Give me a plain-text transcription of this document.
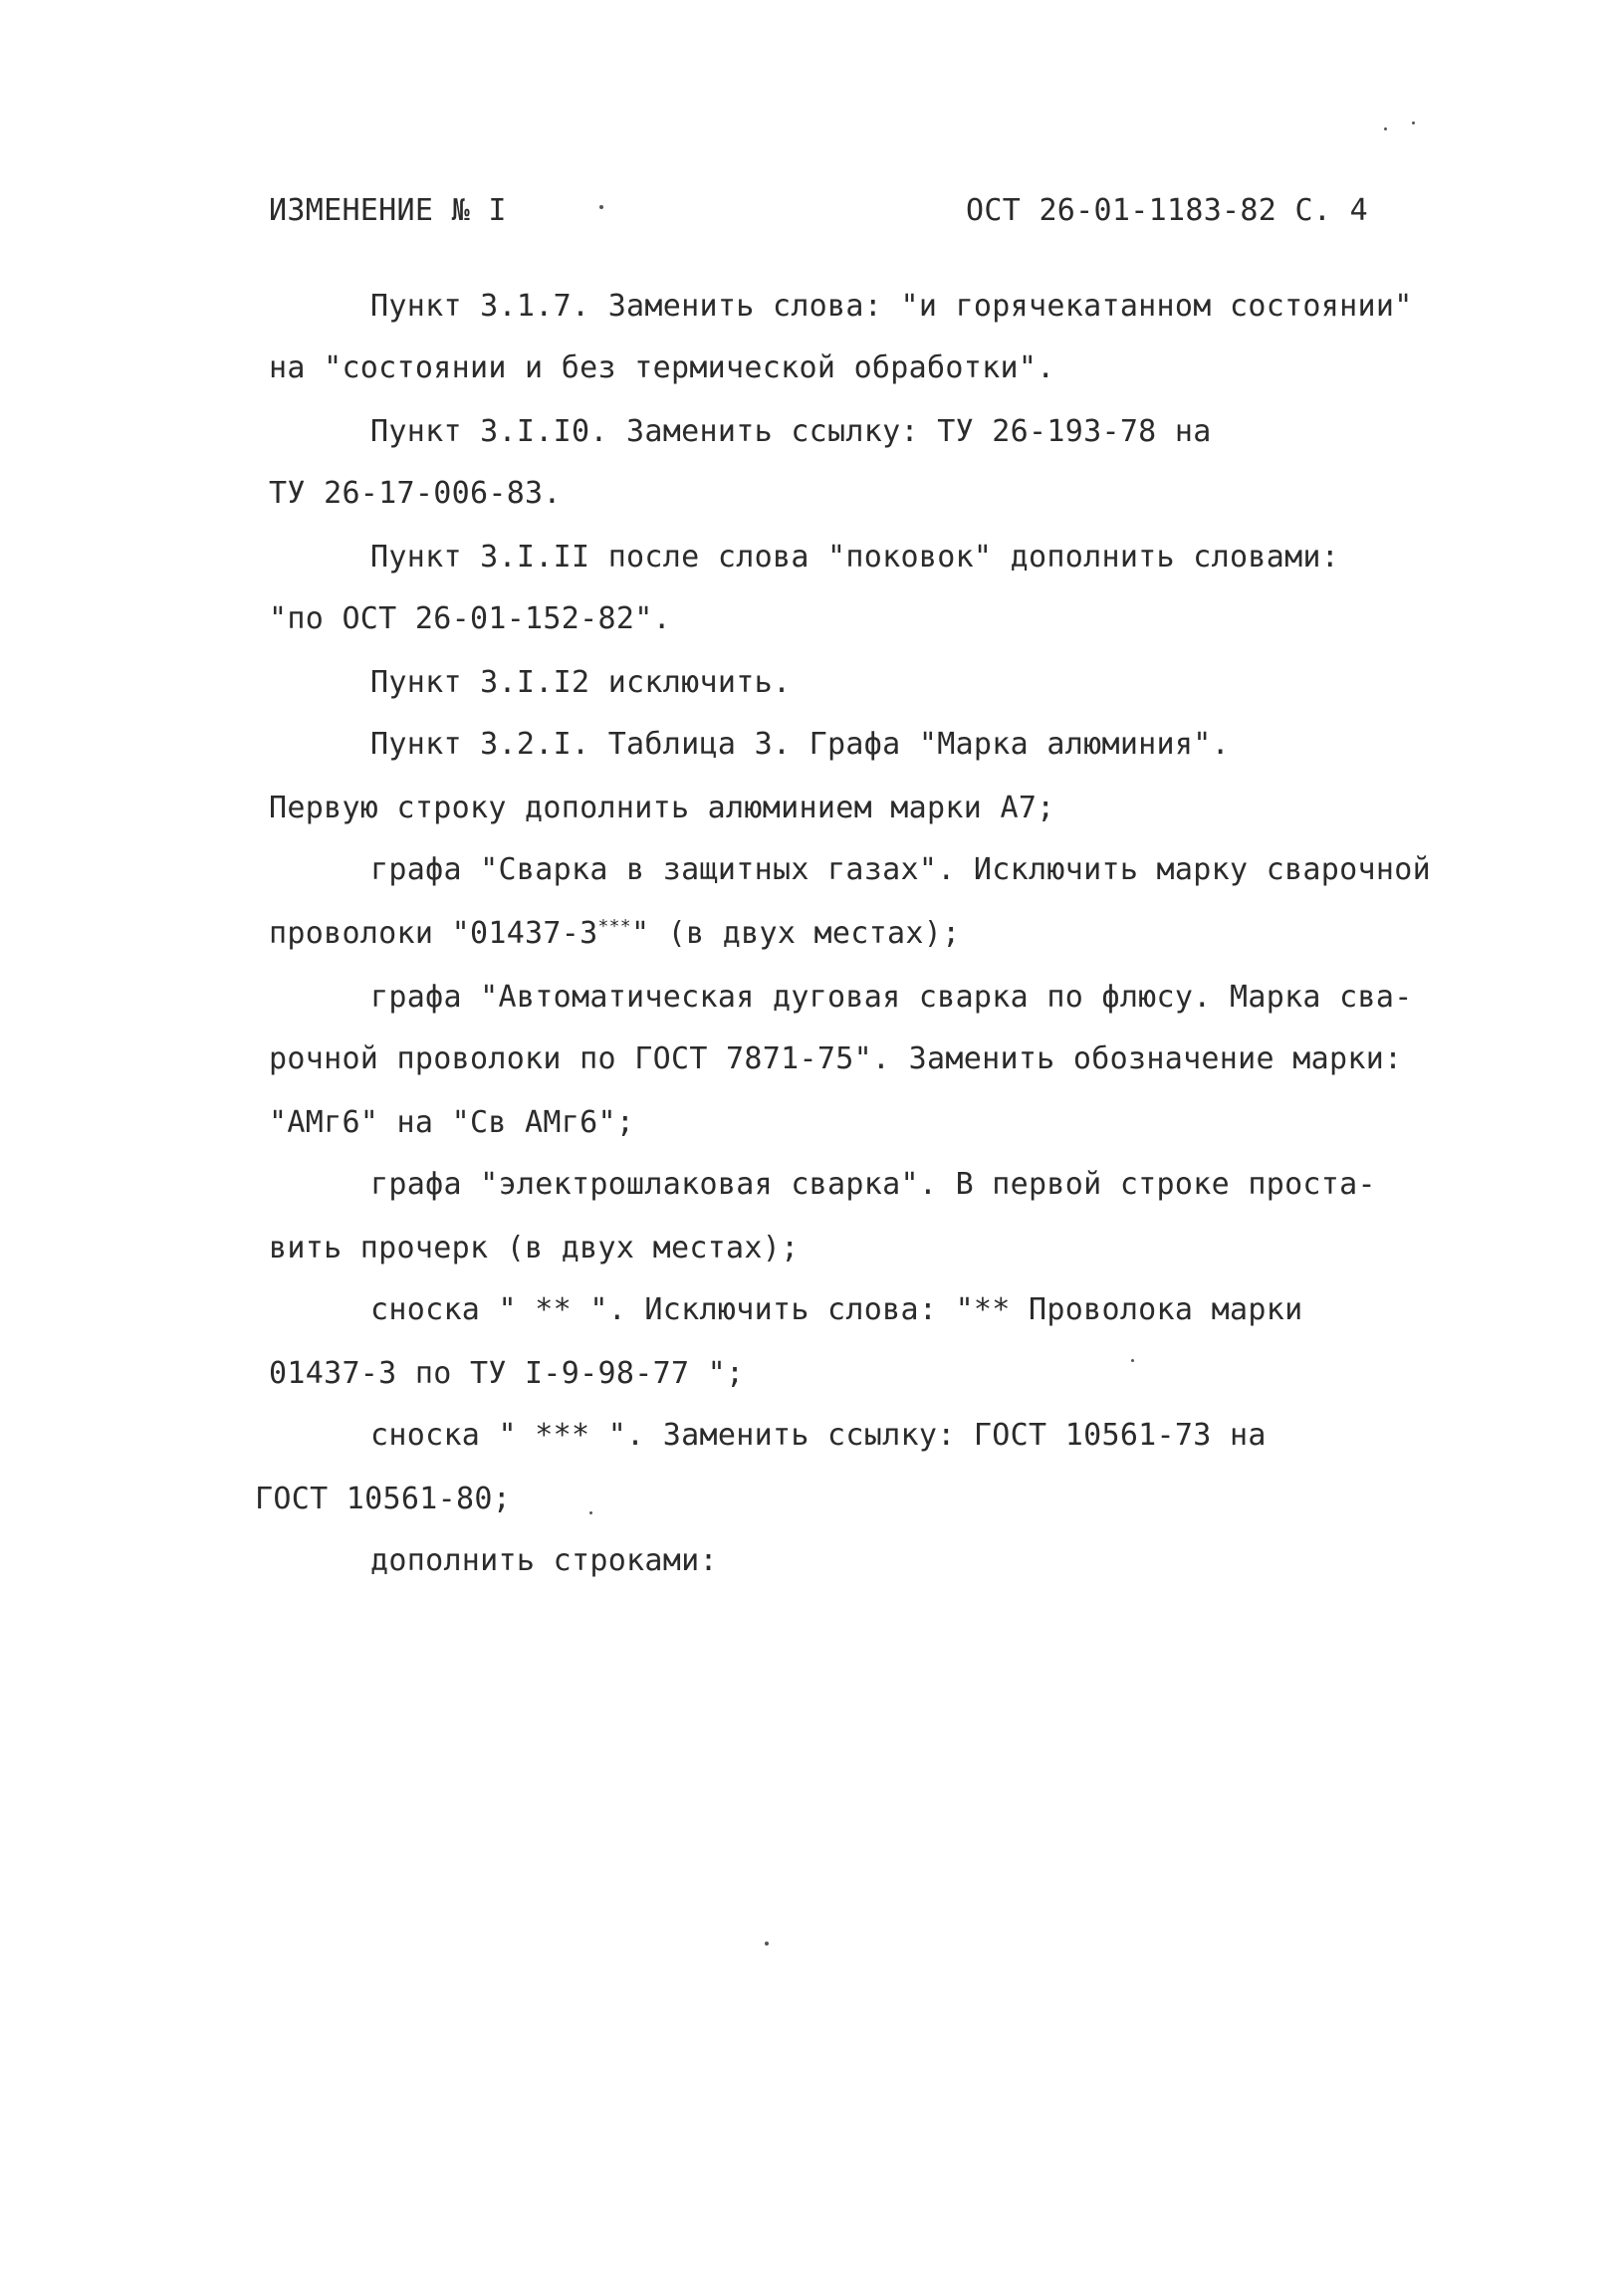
ИЗМЕНЕНИЕ № I	ОСТ 26-01-1183-82 С. 4
Пункт 3.1.7. Заменить слова: "и горячекатанном состоянии"
на "состоянии и без термической обработки".
Пункт 3.I.I0. Заменить ссылку: ТУ 26-193-78 на
ТУ 26-17-006-83.
Пункт 3.I.II после слова "поковок" дополнить словами:
"по ОСТ 26-01-152-82".
Пункт 3.I.I2 исключить.
Пункт 3.2.I. Таблица 3. Графа "Марка алюминия".
Первую строку дополнить алюминием марки А7;
графа "Сварка в защитных газах". Исключить марку сварочной
проволоки "01437-3***" (в двух местах);
графа "Автоматическая дуговая сварка по флюсу. Марка сва-
рочной проволоки по ГОСТ 7871-75". Заменить обозначение марки:
"АМг6" на "Св АМг6";
графа "электрошлаковая сварка". В первой строке проста-
вить прочерк (в двух местах);
сноска " ** ". Исключить слова: "** Проволока марки
01437-3 по ТУ I-9-98-77 ";
сноска " *** ". Заменить ссылку: ГОСТ 10561-73 на
ГОСТ 10561-80;
дополнить строками:
